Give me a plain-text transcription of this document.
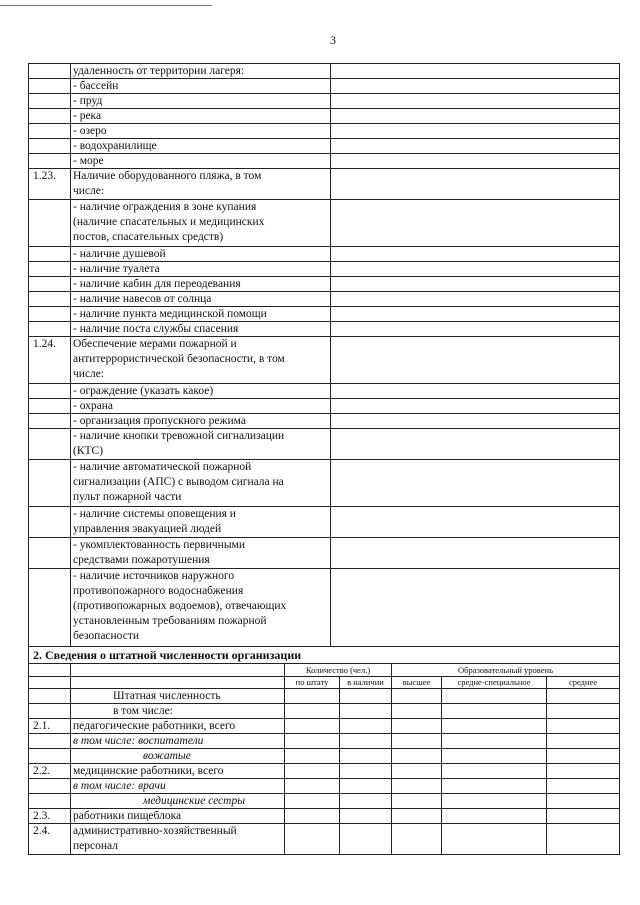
3
удаленность от территории лагеря:
- бассейн
- пруд
- река
- озеро
- водохранилище
- море
1.23.	Наличие оборудованного пляжа, в том
числе:
- наличие ограждения в зоне купания
(наличие спасательных и медицинских
постов, спасательных средств)
- наличие душевой
- наличие туалета
- наличие кабин для переодевания
- наличие навесов от солнца
- наличие пункта медицинской помощи
- наличие поста службы спасения
1.24.	Обеспечение мерами пожарной и
антитеррористической безопасности, в том
числе:
- ограждение (указать какое)
- охрана
- организация пропускного режима
- наличие кнопки тревожной сигнализации
(КТС)
- наличие автоматической пожарной
сигнализации (АПС) с выводом сигнала на
пульт пожарной части
- наличие системы оповещения и
управления эвакуацией людей
- укомплектованность первичными
средствами пожаротушения
- наличие источников наружного
противопожарного водоснабжения
(противопожарных водоемов), отвечающих
установленным требованиям пожарной
безопасности
2. Сведения о штатной численности организации
Количество (чел.)	Образовательный уровень
по штату	в наличии	высшее	средне-специальное	среднее
Штатная численность
в том числе:
2.1.	педагогические работники, всего
в том числе: воспитатели
вожатые
2.2.	медицинские работники, всего
в том числе: врачи
медицинские сестры
2.3.	работники пищеблока
2.4.	административно-хозяйственный
персонал
